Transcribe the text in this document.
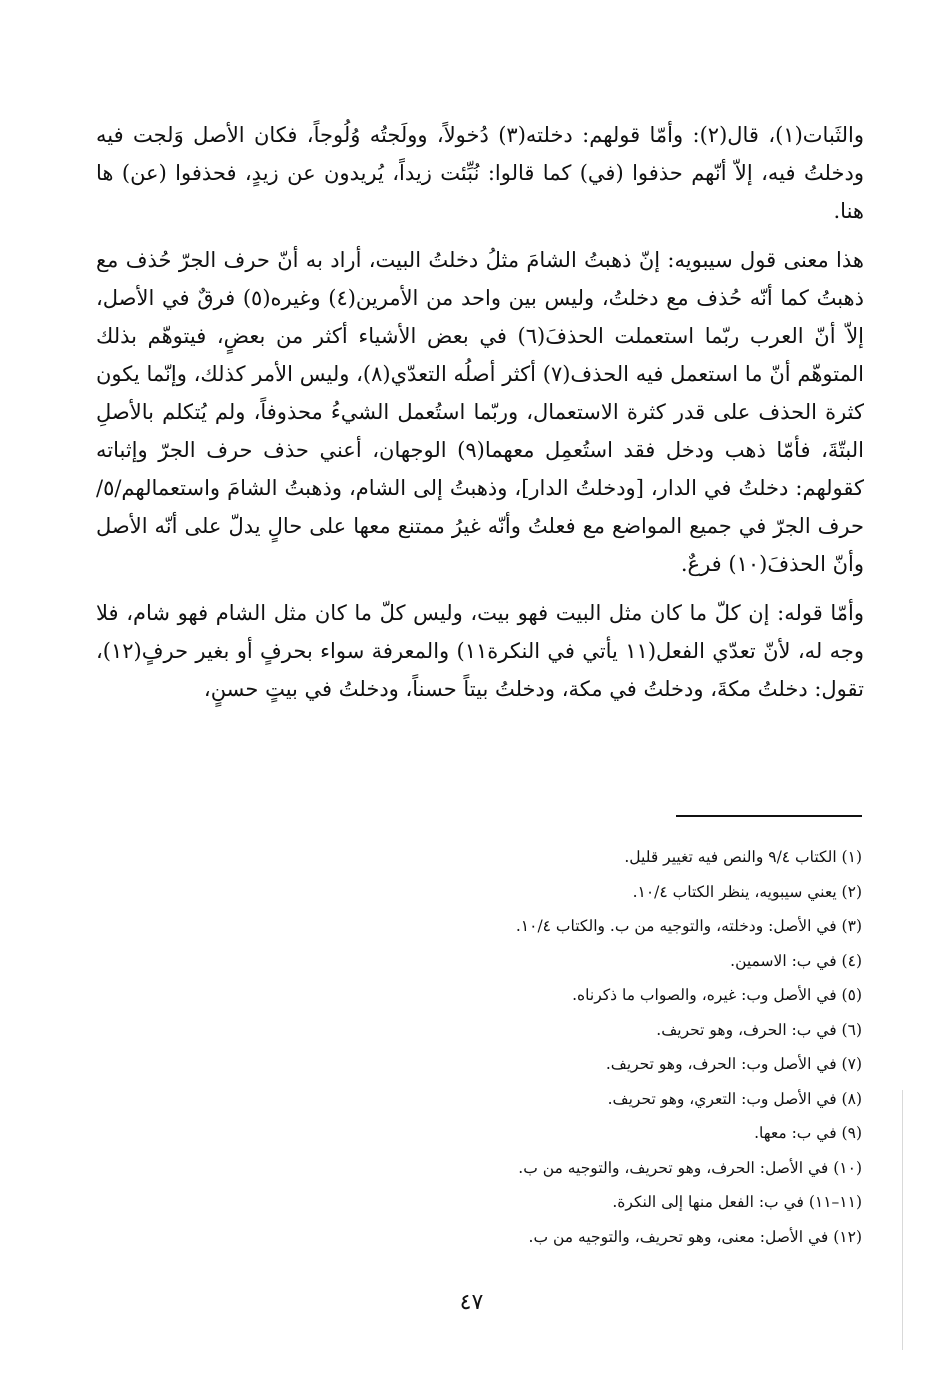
والثَبات(١)، قال(٢): وأمّا قولهم: دخلته(٣) دُخولاً، وولَجتُه وُلُوجاً، فكان الأصل وَلجت فيه ودخلتُ فيه، إلاّ أنّهم حذفوا (في) كما قالوا: نُبِّئت زيداً، يُريدون عن زيدٍ، فحذفوا (عن) ها هنا.

هذا معنى قول سيبويه: إنّ ذهبتُ الشامَ مثلُ دخلتُ البيت، أراد به أنّ حرف الجرّ حُذف مع ذهبتُ كما أنّه حُذف مع دخلتُ، وليس بين واحد من الأمرين(٤) وغيره(٥) فرقٌ في الأصل، إلاّ أنّ العرب ربّما استعملت الحذفَ(٦) في بعض الأشياء أكثر من بعضٍ، فيتوهّم بذلك المتوهّم أنّ ما استعمل فيه الحذف(٧) أكثر أصلُه التعدّي(٨)، وليس الأمر كذلك، وإنّما يكون كثرة الحذف على قدر كثرة الاستعمال، وربّما استُعمل الشيءُ محذوفاً، ولم يُتكلم بالأصلِ البتّةَ، فأمّا ذهب ودخل فقد استُعمِل معهما(٩) الوجهان، أعني حذف حرف الجرّ وإثباته كقولهم: دخلتُ في الدار، [ودخلتُ الدار]، وذهبتُ إلى الشام، وذهبتُ الشامَ واستعمالهم/٥/ حرف الجرّ في جميع المواضع مع فعلتُ وأنّه غيرُ ممتنع معها على حالٍ يدلّ على أنّه الأصل وأنّ الحذفَ(١٠) فرعٌ.

وأمّا قوله: إن كلّ ما كان مثل البيت فهو بيت، وليس كلّ ما كان مثل الشام فهو شام، فلا وجه له، لأنّ تعدّي الفعل(١١ يأتي في النكرة١١) والمعرفة سواء بحرفٍ أو بغير حرفٍ(١٢)، تقول: دخلتُ مكةَ، ودخلتُ في مكة، ودخلتُ بيتاً حسناً، ودخلتُ في بيتٍ حسنٍ،

(١) الكتاب ٩/٤ والنص فيه تغيير قليل.
(٢) يعني سيبويه، ينظر الكتاب ١٠/٤.
(٣) في الأصل: ودخلته، والتوجيه من ب. والكتاب ١٠/٤.
(٤) في ب: الاسمين.
(٥) في الأصل وب: غيره، والصواب ما ذكرناه.
(٦) في ب: الحرف، وهو تحريف.
(٧) في الأصل وب: الحرف، وهو تحريف.
(٨) في الأصل وب: التعري، وهو تحريف.
(٩) في ب: معها.
(١٠) في الأصل: الحرف، وهو تحريف، والتوجيه من ب.
(١١–١١) في ب: الفعل منها إلى النكرة.
(١٢) في الأصل: معنى، وهو تحريف، والتوجيه من ب.
٤٧
